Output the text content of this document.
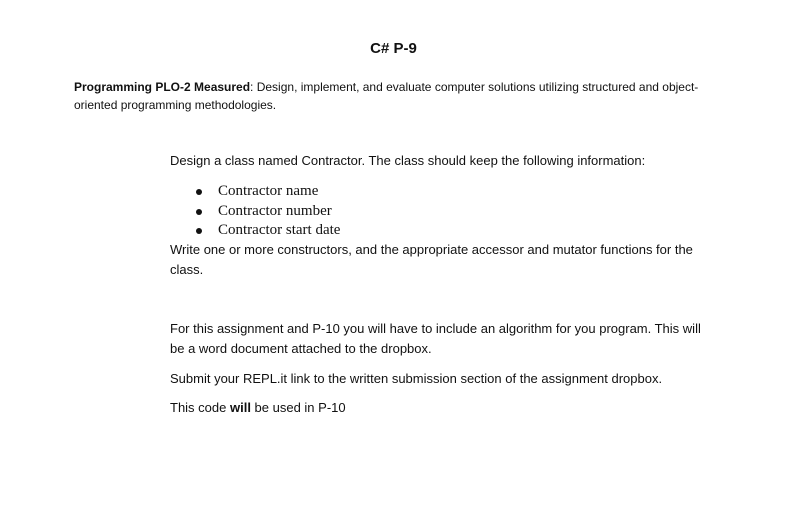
C# P-9
Programming PLO-2 Measured: Design, implement, and evaluate computer solutions utilizing structured and object-oriented programming methodologies.
Design a class named Contractor. The class should keep the following information:
Contractor name
Contractor number
Contractor start date
Write one or more constructors, and the appropriate accessor and mutator functions for the class.
For this assignment and P-10 you will have to include an algorithm for you program. This will be a word document attached to the dropbox.
Submit your REPL.it link to the written submission section of the assignment dropbox.
This code will be used in P-10
